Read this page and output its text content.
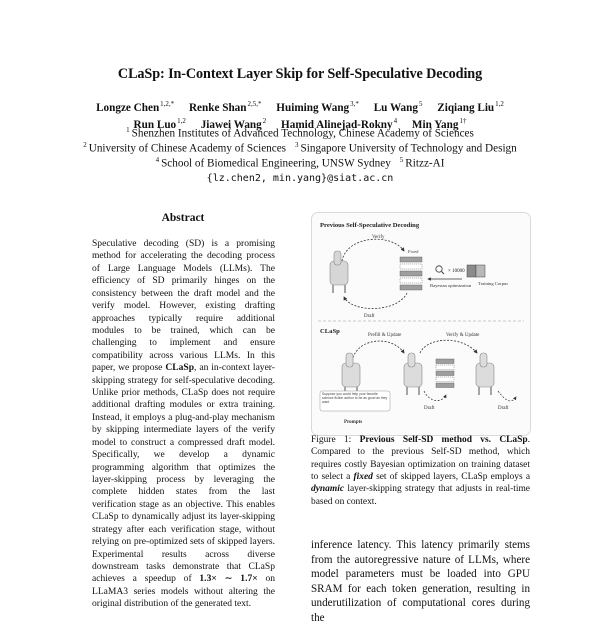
CLaSp: In-Context Layer Skip for Self-Speculative Decoding
Longze Chen$^{1,2,*}$ Renke Shan$^{2,5,*}$ Huiming Wang$^{3,*}$ Lu Wang$^5$ Ziqiang Liu$^{1,2}$
Run Luo$^{1,2}$ Jiawei Wang$^2$ Hamid Alinejad-Rokny$^4$ Min Yang$^{1\dagger}$
$^1$ Shenzhen Institutes of Advanced Technology, Chinese Academy of Sciences
$^2$ University of Chinese Academy of Sciences $^3$ Singapore University of Technology and Design
$^4$ School of Biomedical Engineering, UNSW Sydney $^5$ Ritzz-AI
{lz.chen2, min.yang}@siat.ac.cn
Abstract
Speculative decoding (SD) is a promising method for accelerating the decoding process of Large Language Models (LLMs). The efficiency of SD primarily hinges on the consistency between the draft model and the verify model. However, existing drafting approaches typically require additional modules to be trained, which can be challenging to implement and ensure compatibility across various LLMs. In this paper, we propose CLaSp, an in-context layer-skipping strategy for self-speculative decoding. Unlike prior methods, CLaSp does not require additional drafting modules or extra training. Instead, it employs a plug-and-play mechanism by skipping intermediate layers of the verify model to construct a compressed draft model. Specifically, we develop a dynamic programming algorithm that optimizes the layer-skipping process by leveraging the complete hidden states from the last verification stage as an objective. This enables CLaSp to dynamically adjust its layer-skipping strategy after each verification stage, without relying on pre-optimized sets of skipped layers. Experimental results across diverse downstream tasks demonstrate that CLaSp achieves a speedup of 1.3× ∼ 1.7× on LLaMA3 series models without altering the original distribution of the generated text.
Previous Self-Speculative Decoding
Verify
Fixed
Draft
× 10000
Bayesian optimization Training Corpus
CLaSp
Prefill & Update	Verify & Update
Draft	Draft
Suppose you could help your favorite science fiction author to be as good as they want
Prompts
Figure 1: Previous Self-SD method vs. CLaSp. Compared to the previous Self-SD method, which requires costly Bayesian optimization on training dataset to select a fixed set of skipped layers, CLaSp employs a dynamic layer-skipping strategy that adjusts in real-time based on context.
inference latency. This latency primarily stems from the autoregressive nature of LLMs, where model parameters must be loaded into GPU SRAM for each token generation, resulting in underutilization of computational cores during the
